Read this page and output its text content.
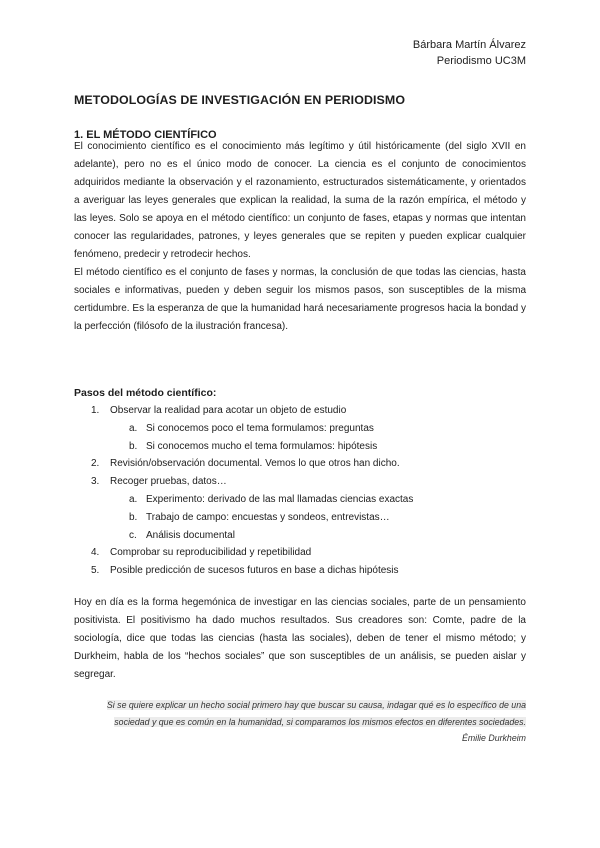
Bárbara Martín Álvarez
Periodismo UC3M
METODOLOGÍAS DE INVESTIGACIÓN EN PERIODISMO
1. EL MÉTODO CIENTÍFICO

El conocimiento científico es el conocimiento más legítimo y útil históricamente (del siglo XVII en adelante), pero no es el único modo de conocer. La ciencia es el conjunto de conocimientos adquiridos mediante la observación y el razonamiento, estructurados sistemáticamente, y orientados a averiguar las leyes generales que explican la realidad, la suma de la razón empírica, el método y las leyes. Solo se apoya en el método científico: un conjunto de fases, etapas y normas que intentan conocer las regularidades, patrones, y leyes generales que se repiten y pueden explicar cualquier fenómeno, predecir y retrodecir hechos.

El método científico es el conjunto de fases y normas, la conclusión de que todas las ciencias, hasta sociales e informativas, pueden y deben seguir los mismos pasos, son susceptibles de la misma certidumbre. Es la esperanza de que la humanidad hará necesariamente progresos hacia la bondad y la perfección (filósofo de la ilustración francesa).

Pasos del método científico:
1. Observar la realidad para acotar un objeto de estudio
a. Si conocemos poco el tema formulamos: preguntas
b. Si conocemos mucho el tema formulamos: hipótesis
2. Revisión/observación documental. Vemos lo que otros han dicho.
3. Recoger pruebas, datos…
a. Experimento: derivado de las mal llamadas ciencias exactas
b. Trabajo de campo: encuestas y sondeos, entrevistas…
c. Análisis documental
4. Comprobar su reproducibilidad y repetibilidad
5. Posible predicción de sucesos futuros en base a dichas hipótesis

Hoy en día es la forma hegemónica de investigar en las ciencias sociales, parte de un pensamiento positivista. El positivismo ha dado muchos resultados. Sus creadores son: Comte, padre de la sociología, dice que todas las ciencias (hasta las sociales), deben de tener el mismo método; y Durkheim, habla de los “hechos sociales” que son susceptibles de un análisis, se pueden aislar y segregar.

Si se quiere explicar un hecho social primero hay que buscar su causa, indagar qué es lo específico de una sociedad y que es común en la humanidad, si comparamos los mismos efectos en diferentes sociedades.
Émilie Durkheim
